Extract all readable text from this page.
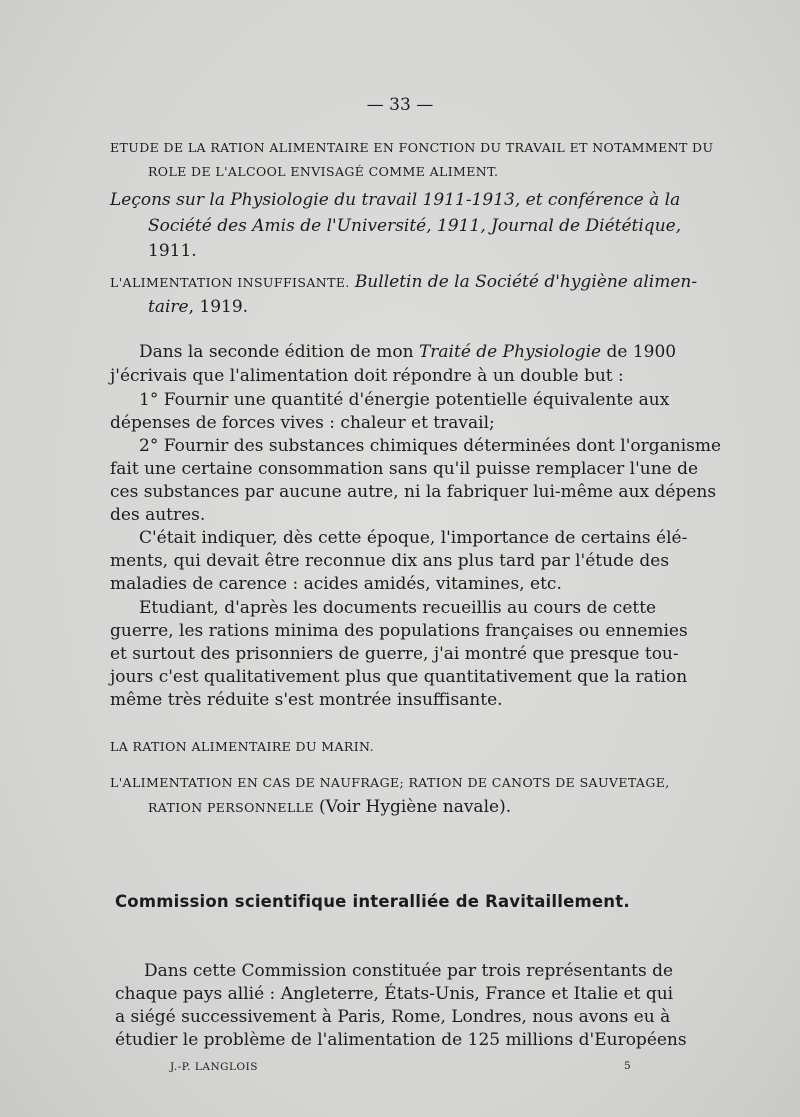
— 33 —
ETUDE DE LA RATION ALIMENTAIRE EN FONCTION DU TRAVAIL ET NOTAMMENT DU
ROLE DE L'ALCOOL ENVISAGÉ COMME ALIMENT.
Leçons sur la Physiologie du travail 1911-1913, et conférence à la
Société des Amis de l'Université, 1911, Journal de Diététique,
1911.
L'ALIMENTATION INSUFFISANTE. Bulletin de la Société d'hygiène alimen-
taire, 1919.
Dans la seconde édition de mon Traité de Physiologie de 1900
j'écrivais que l'alimentation doit répondre à un double but :
1° Fournir une quantité d'énergie potentielle équivalente aux
dépenses de forces vives : chaleur et travail;
2° Fournir des substances chimiques déterminées dont l'organisme
fait une certaine consommation sans qu'il puisse remplacer l'une de
ces substances par aucune autre, ni la fabriquer lui-même aux dépens
des autres.
C'était indiquer, dès cette époque, l'importance de certains élé-
ments, qui devait être reconnue dix ans plus tard par l'étude des
maladies de carence : acides amidés, vitamines, etc.
Etudiant, d'après les documents recueillis au cours de cette
guerre, les rations minima des populations françaises ou ennemies
et surtout des prisonniers de guerre, j'ai montré que presque tou-
jours c'est qualitativement plus que quantitativement que la ration
même très réduite s'est montrée insuffisante.
LA RATION ALIMENTAIRE DU MARIN.
L'ALIMENTATION EN CAS DE NAUFRAGE; RATION DE CANOTS DE SAUVETAGE,
RATION PERSONNELLE (Voir Hygiène navale).
Commission scientifique interalliée de Ravitaillement.
Dans cette Commission constituée par trois représentants de
chaque pays allié : Angleterre, États-Unis, France et Italie et qui
a siégé successivement à Paris, Rome, Londres, nous avons eu à
étudier le problème de l'alimentation de 125 millions d'Européens
J.-P. LANGLOIS	5
